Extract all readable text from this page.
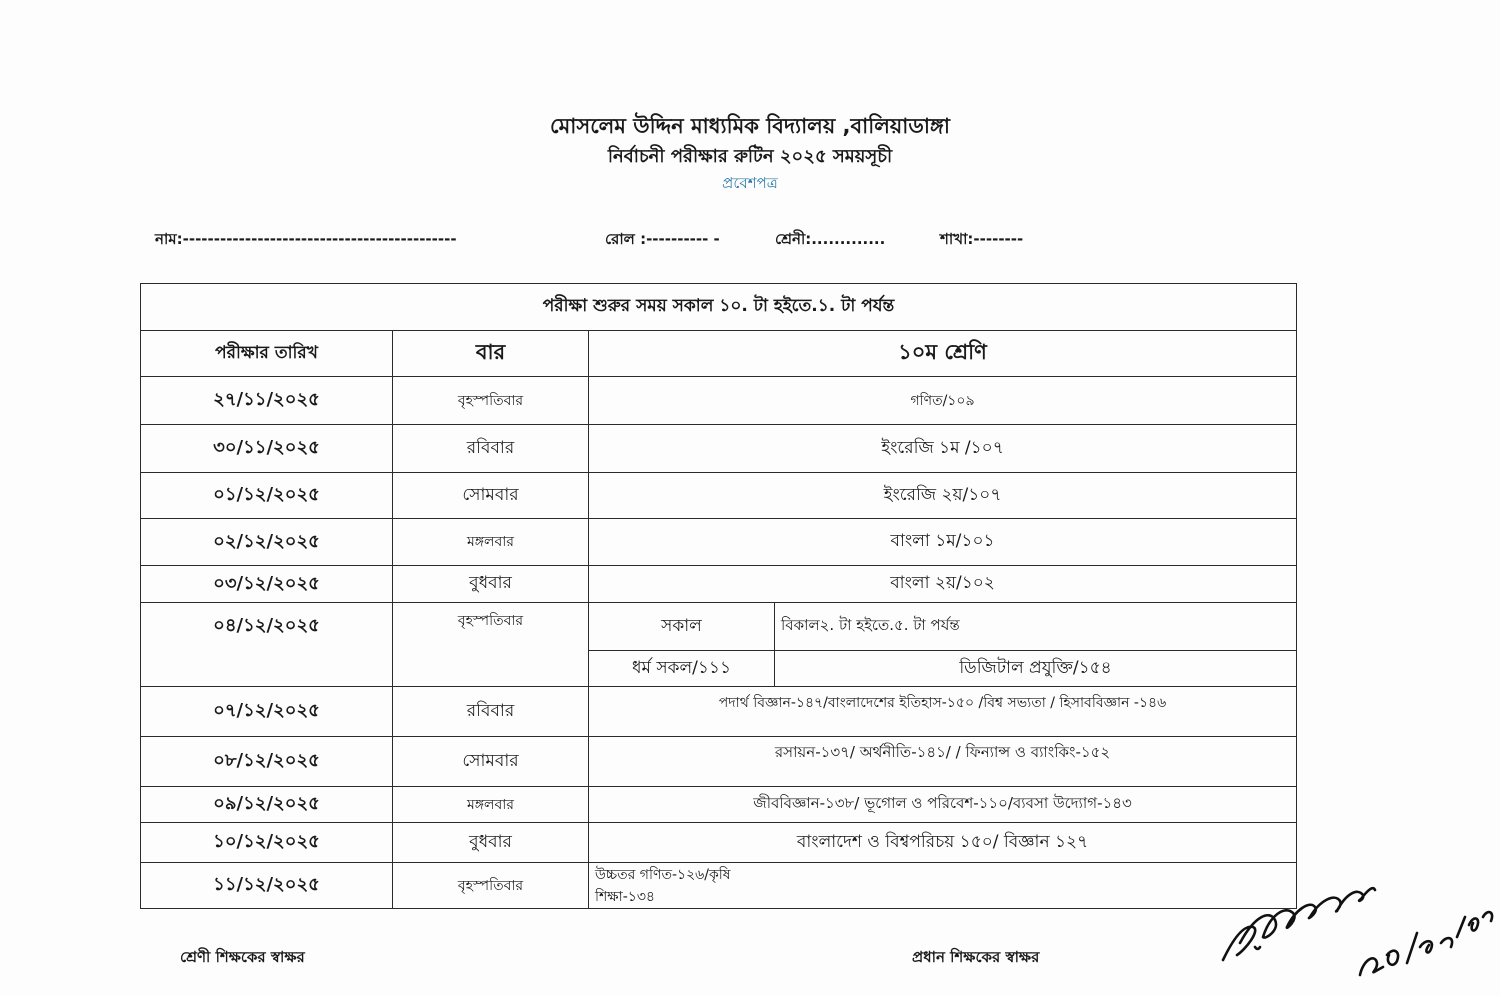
মোসলেম উদ্দিন মাধ্যমিক বিদ্যালয় ,বালিয়াডাঙ্গা
নির্বাচনী পরীক্ষার রুটিন ২০২৫ সময়সূচী
প্রবেশপত্র
নাম:--------------------------------------------	রোল :---------- -	শ্রেনী:.............	শাখা:--------
পরীক্ষা শুরুর সময় সকাল ১০. টা হইতে.১. টা পর্যন্ত			
পরীক্ষার তারিখ	বার	১০ম শ্রেণি	
২৭/১১/২০২৫	বৃহস্পতিবার	গণিত/১০৯	
৩০/১১/২০২৫	রবিবার	ইংরেজি ১ম /১০৭	
০১/১২/২০২৫	সোমবার	ইংরেজি ২য়/১০৭	
০২/১২/২০২৫	মঙ্গলবার	বাংলা ১ম/১০১	
০৩/১২/২০২৫	বুধবার	বাংলা ২য়/১০২	
০৪/১২/২০২৫	বৃহস্পতিবার	সকাল	বিকাল২. টা হইতে.৫. টা পর্যন্ত
		ধর্ম সকল/১১১	ডিজিটাল প্রযুক্তি/১৫৪
০৭/১২/২০২৫	রবিবার	পদার্থ বিজ্ঞান-১৪৭/বাংলাদেশের ইতিহাস-১৫০ /বিশ্ব সভ্যতা / হিসাববিজ্ঞান -১৪৬	
০৮/১২/২০২৫	সোমবার	রসায়ন-১৩৭/ অর্থনীতি-১৪১/ / ফিন্যান্স ও ব্যাংকিং-১৫২	
০৯/১২/২০২৫	মঙ্গলবার	জীববিজ্ঞান-১৩৮/ ভূগোল ও পরিবেশ-১১০/ব্যবসা উদ্যোগ-১৪৩	
১০/১২/২০২৫	বুধবার	বাংলাদেশ ও বিশ্বপরিচয় ১৫০/ বিজ্ঞান ১২৭	
১১/১২/২০২৫	বৃহস্পতিবার	উচ্চতর গণিত-১২৬/কৃষি
শিক্ষা-১৩৪	
শ্রেণী শিক্ষকের স্বাক্ষর	প্রধান শিক্ষকের স্বাক্ষর
